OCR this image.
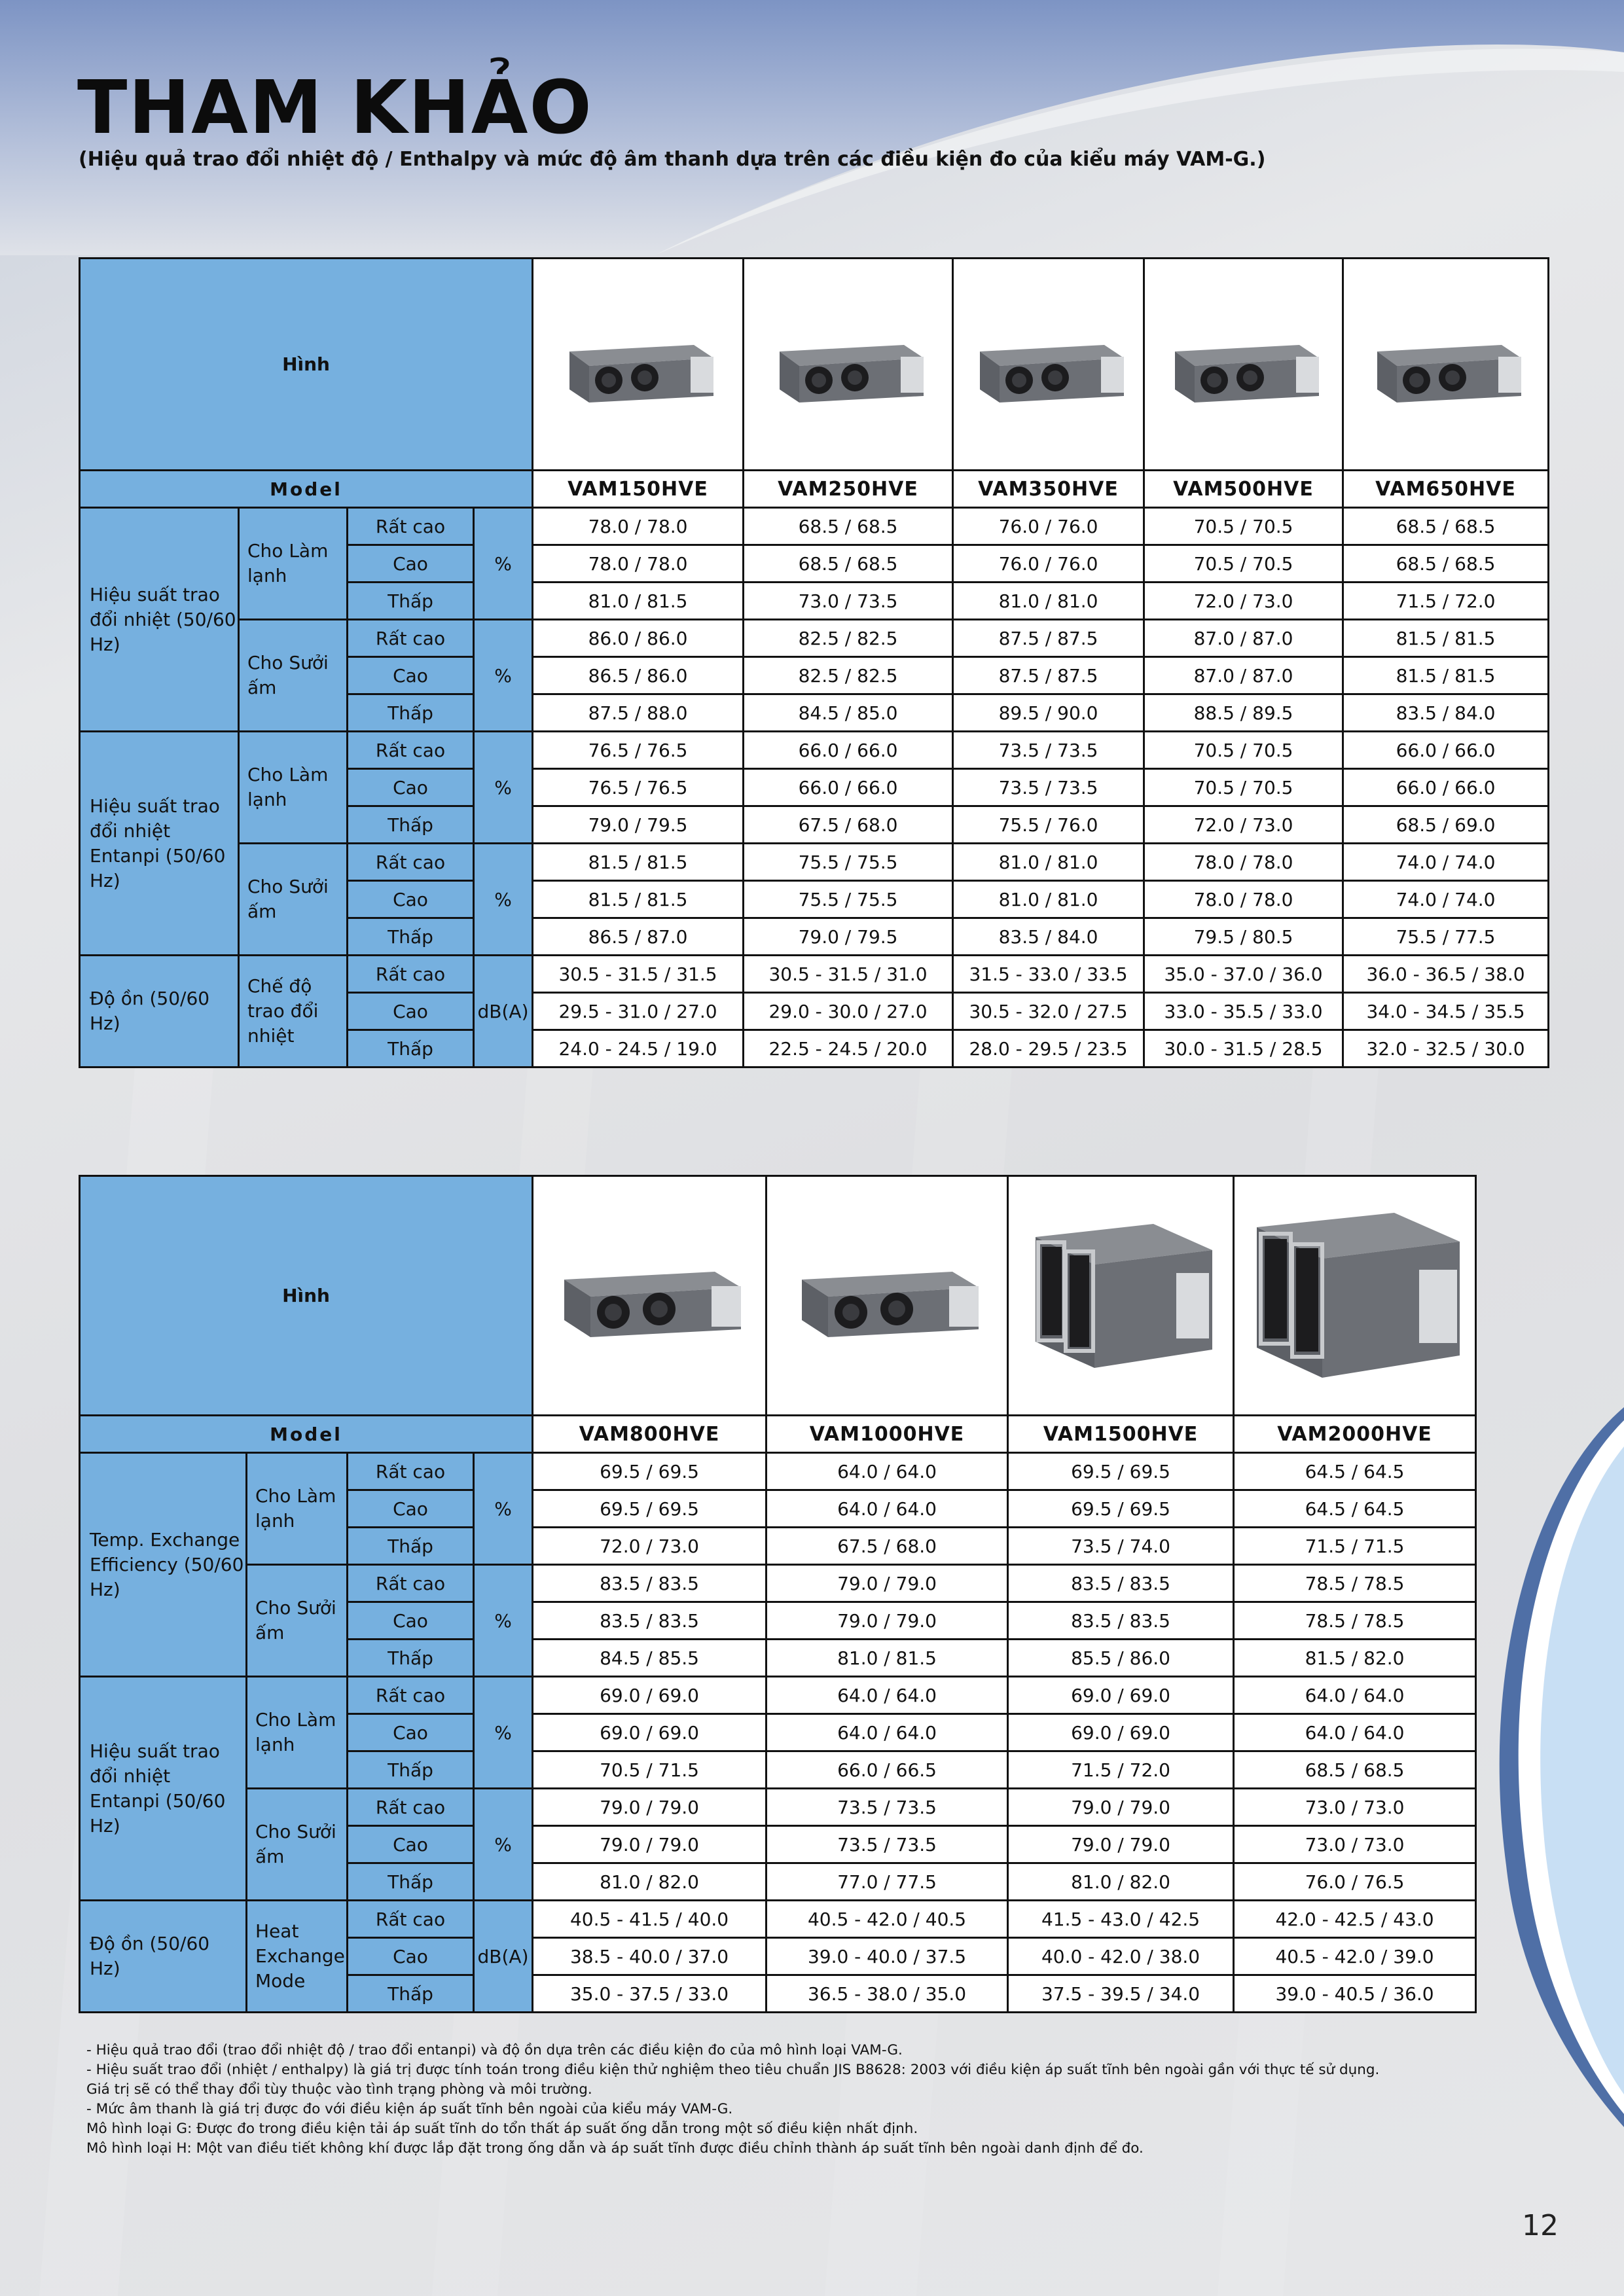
THAM KHẢO

(Hiệu quả trao đổi nhiệt độ / Enthalpy và mức độ âm thanh dựa trên các điều kiện đo của kiểu máy VAM-G.)

Hình	

Model				VAM150HVE	VAM250HVE	VAM350HVE	VAM500HVE	VAM650HVE
Hiệu suất trao đổi nhiệt (50/60 Hz)	Cho Làm lạnh	Rất cao	%	78.0 / 78.0	68.5 / 68.5	76.0 / 76.0	70.5 / 70.5	68.5 / 68.5
		Cao		78.0 / 78.0	68.5 / 68.5	76.0 / 76.0	70.5 / 70.5	68.5 / 68.5
		Thấp		81.0 / 81.5	73.0 / 73.5	81.0 / 81.0	72.0 / 73.0	71.5 / 72.0
	Cho Sưởi ấm	Rất cao	%	86.0 / 86.0	82.5 / 82.5	87.5 / 87.5	87.0 / 87.0	81.5 / 81.5
		Cao		86.5 / 86.0	82.5 / 82.5	87.5 / 87.5	87.0 / 87.0	81.5 / 81.5
		Thấp		87.5 / 88.0	84.5 / 85.0	89.5 / 90.0	88.5 / 89.5	83.5 / 84.0
Hiệu suất trao đổi nhiệt Entanpi (50/60 Hz)	Cho Làm lạnh	Rất cao	%	76.5 / 76.5	66.0 / 66.0	73.5 / 73.5	70.5 / 70.5	66.0 / 66.0
		Cao		76.5 / 76.5	66.0 / 66.0	73.5 / 73.5	70.5 / 70.5	66.0 / 66.0
		Thấp		79.0 / 79.5	67.5 / 68.0	75.5 / 76.0	72.0 / 73.0	68.5 / 69.0
	Cho Sưởi ấm	Rất cao	%	81.5 / 81.5	75.5 / 75.5	81.0 / 81.0	78.0 / 78.0	74.0 / 74.0
		Cao		81.5 / 81.5	75.5 / 75.5	81.0 / 81.0	78.0 / 78.0	74.0 / 74.0
		Thấp		86.5 / 87.0	79.0 / 79.5	83.5 / 84.0	79.5 / 80.5	75.5 / 77.5
Độ ồn (50/60 Hz)	Chế độ trao đổi nhiệt	Rất cao	dB(A)	30.5 - 31.5 / 31.5	30.5 - 31.5 / 31.0	31.5 - 33.0 / 33.5	35.0 - 37.0 / 36.0	36.0 - 36.5 / 38.0
		Cao		29.5 - 31.0 / 27.0	29.0 - 30.0 / 27.0	30.5 - 32.0 / 27.5	33.0 - 35.5 / 33.0	34.0 - 34.5 / 35.5
		Thấp		24.0 - 24.5 / 19.0	22.5 - 24.5 / 20.0	28.0 - 29.5 / 23.5	30.0 - 31.5 / 28.5	32.0 - 32.5 / 30.0
Hình	

Model				VAM800HVE	VAM1000HVE	VAM1500HVE	VAM2000HVE
Temp. Exchange Efficiency (50/60 Hz)	Cho Làm lạnh	Rất cao	%	69.5 / 69.5	64.0 / 64.0	69.5 / 69.5	64.5 / 64.5
		Cao		69.5 / 69.5	64.0 / 64.0	69.5 / 69.5	64.5 / 64.5
		Thấp		72.0 / 73.0	67.5 / 68.0	73.5 / 74.0	71.5 / 71.5
	Cho Sưởi ấm	Rất cao	%	83.5 / 83.5	79.0 / 79.0	83.5 / 83.5	78.5 / 78.5
		Cao		83.5 / 83.5	79.0 / 79.0	83.5 / 83.5	78.5 / 78.5
		Thấp		84.5 / 85.5	81.0 / 81.5	85.5 / 86.0	81.5 / 82.0
Hiệu suất trao đổi nhiệt Entanpi (50/60 Hz)	Cho Làm lạnh	Rất cao	%	69.0 / 69.0	64.0 / 64.0	69.0 / 69.0	64.0 / 64.0
		Cao		69.0 / 69.0	64.0 / 64.0	69.0 / 69.0	64.0 / 64.0
		Thấp		70.5 / 71.5	66.0 / 66.5	71.5 / 72.0	68.5 / 68.5
	Cho Sưởi ấm	Rất cao	%	79.0 / 79.0	73.5 / 73.5	79.0 / 79.0	73.0 / 73.0
		Cao		79.0 / 79.0	73.5 / 73.5	79.0 / 79.0	73.0 / 73.0
		Thấp		81.0 / 82.0	77.0 / 77.5	81.0 / 82.0	76.0 / 76.5
Độ ồn (50/60 Hz)	Heat Exchange Mode	Rất cao	dB(A)	40.5 - 41.5 / 40.0	40.5 - 42.0 / 40.5	41.5 - 43.0 / 42.5	42.0 - 42.5 / 43.0
		Cao		38.5 - 40.0 / 37.0	39.0 - 40.0 / 37.5	40.0 - 42.0 / 38.0	40.5 - 42.0 / 39.0
		Thấp		35.0 - 37.5 / 33.0	36.5 - 38.0 / 35.0	37.5 - 39.5 / 34.0	39.0 - 40.5 / 36.0
- Hiệu quả trao đổi (trao đổi nhiệt độ / trao đổi entanpi) và độ ồn dựa trên các điều kiện đo của mô hình loại VAM-G.
- Hiệu suất trao đổi (nhiệt / enthalpy) là giá trị được tính toán trong điều kiện thử nghiệm theo tiêu chuẩn JIS B8628: 2003 với điều kiện áp suất tĩnh bên ngoài gần với thực tế sử dụng.
Giá trị sẽ có thể thay đổi tùy thuộc vào tình trạng phòng và môi trường.
- Mức âm thanh là giá trị được đo với điều kiện áp suất tĩnh bên ngoài của kiểu máy VAM-G.
Mô hình loại G: Được đo trong điều kiện tải áp suất tĩnh do tổn thất áp suất ống dẫn trong một số điều kiện nhất định.
Mô hình loại H: Một van điều tiết không khí được lắp đặt trong ống dẫn và áp suất tĩnh được điều chỉnh thành áp suất tĩnh bên ngoài danh định để đo.

12
